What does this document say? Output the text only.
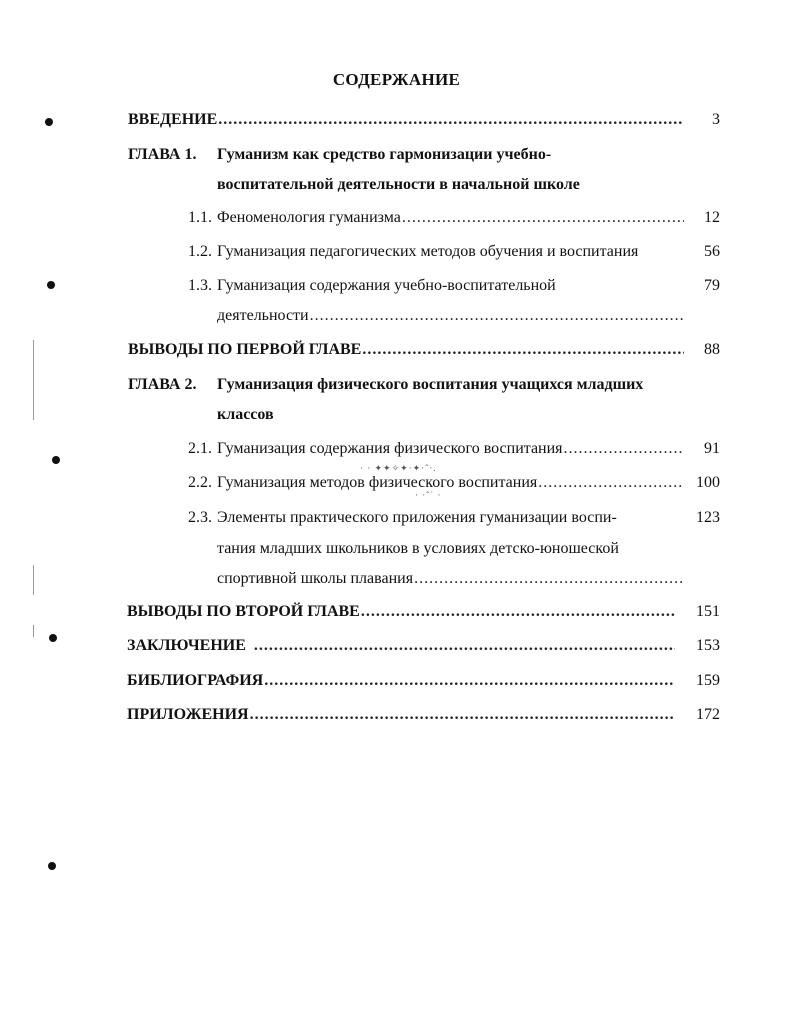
СОДЕРЖАНИЕ
ВВЕДЕНИЕ .....	3
ГЛАВА 1. Гуманизм как средство гармонизации учебно-
воспитательной деятельности в начальной школе
1.1. Феноменология гуманизма .....	12
1.2. Гуманизация педагогических методов обучения и воспитания	56
1.3. Гуманизация содержания учебно-воспитательной	79
деятельности
.....
ВЫВОДЫ ПО ПЕРВОЙ ГЛАВЕ .....	88
ГЛАВА 2. Гуманизация физического воспитания учащихся младших
классов
2.1. Гуманизация содержания физического воспитания .....	91
· · ✦✦✧✦·✦·ˆ·.
· ·ˆ˙ ·
2.2. Гуманизация методов физического воспитания .....	100
2.3. Элементы практического приложения гуманизации воспи-	123
тания младших школьников в условиях детско-юношеской
спортивной школы плавания
.....
ВЫВОДЫ ПО ВТОРОЙ ГЛАВЕ .....	151
ЗАКЛЮЧЕНИЕ .....	153
БИБЛИОГРАФИЯ .....	159
ПРИЛОЖЕНИЯ .....	172
